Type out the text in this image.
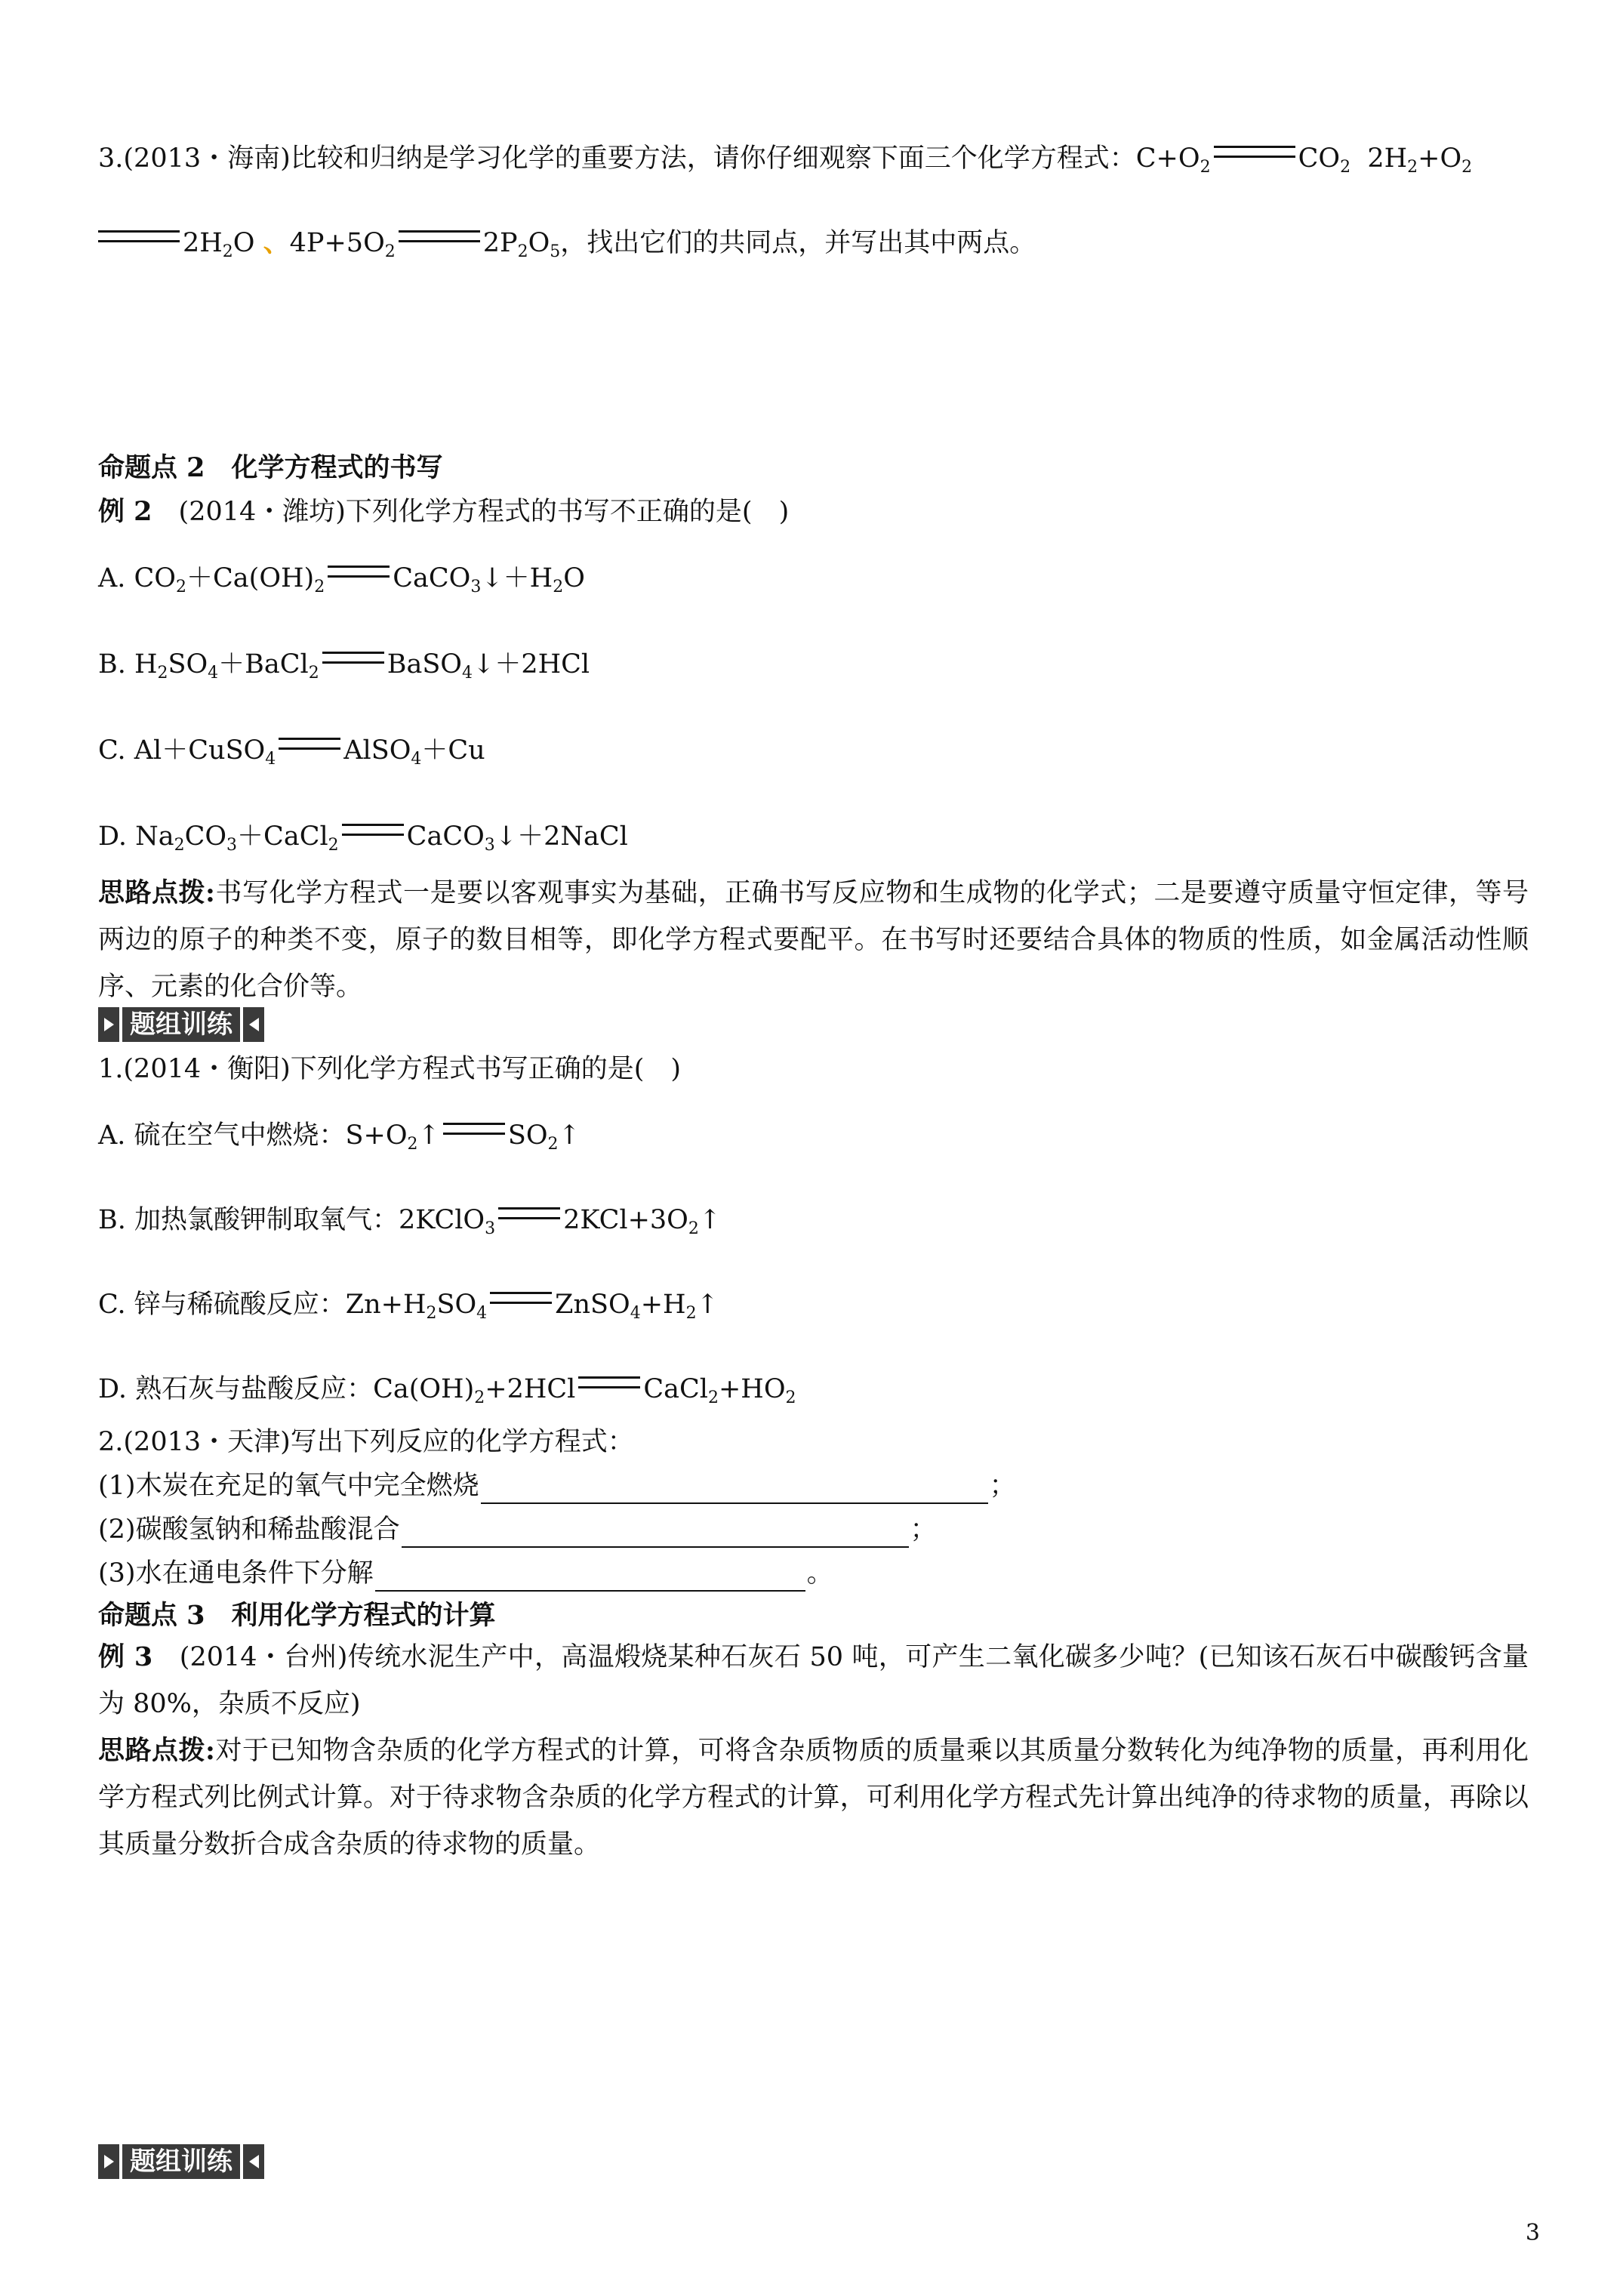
3.(2013・海南)比较和归纳是学习化学的重要方法，请你仔细观察下面三个化学方程式：$C+O_2$	$CO_2$ $2H_2+O_2$
$2H_2O$ 、$4P+5O_2$	$2P_2O_5$，找出它们的共同点，并写出其中两点。
命题点 2　化学方程式的书写
例 2　(2014・潍坊)下列化学方程式的书写不正确的是(　)
A. $CO_2+Ca(OH)_2$	$CaCO_3↓+H_2O$
B. $H_2SO_4+BaCl_2$	BaSO$_4$↓＋2HCl
C. Al＋CuSO$_4$	AlSO$_4$＋Cu
D. $Na_2CO_3+CaCl_2$	CaCO$_3$↓＋2NaCl
思路点拨:书写化学方程式一是要以客观事实为基础，正确书写反应物和生成物的化学式；二是要遵守质量守恒定律，等号两边的原子的种类不变，原子的数目相等，即化学方程式要配平。在书写时还要结合具体的物质的性质，如金属活动性顺序、元素的化合价等。
题组训练
1.(2014・衡阳)下列化学方程式书写正确的是(　)
A. 硫在空气中燃烧：$S+O_2↑$	$SO_2↑$
B. 加热氯酸钾制取氧气：2KClO$_3$	$2KCl+3O_2↑$
C. 锌与稀硫酸反应：$Zn+H_2SO_4$	$ZnSO_4+H_2↑$
D. 熟石灰与盐酸反应：$Ca(OH)_2+2HCl$	$CaCl_2+HO_2$
2.(2013・天津)写出下列反应的化学方程式：
(1)木炭在充足的氧气中完全燃烧	；
(2)碳酸氢钠和稀盐酸混合	；
(3)水在通电条件下分解	。
命题点 3　利用化学方程式的计算
例 3　(2014・台州)传统水泥生产中，高温煅烧某种石灰石 50 吨，可产生二氧化碳多少吨？(已知该石灰石中碳酸钙含量为 80%，杂质不反应)
思路点拨:对于已知物含杂质的化学方程式的计算，可将含杂质物质的质量乘以其质量分数转化为纯净物的质量，再利用化学方程式列比例式计算。对于待求物含杂质的化学方程式的计算，可利用化学方程式先计算出纯净的待求物的质量，再除以其质量分数折合成含杂质的待求物的质量。
题组训练
3
